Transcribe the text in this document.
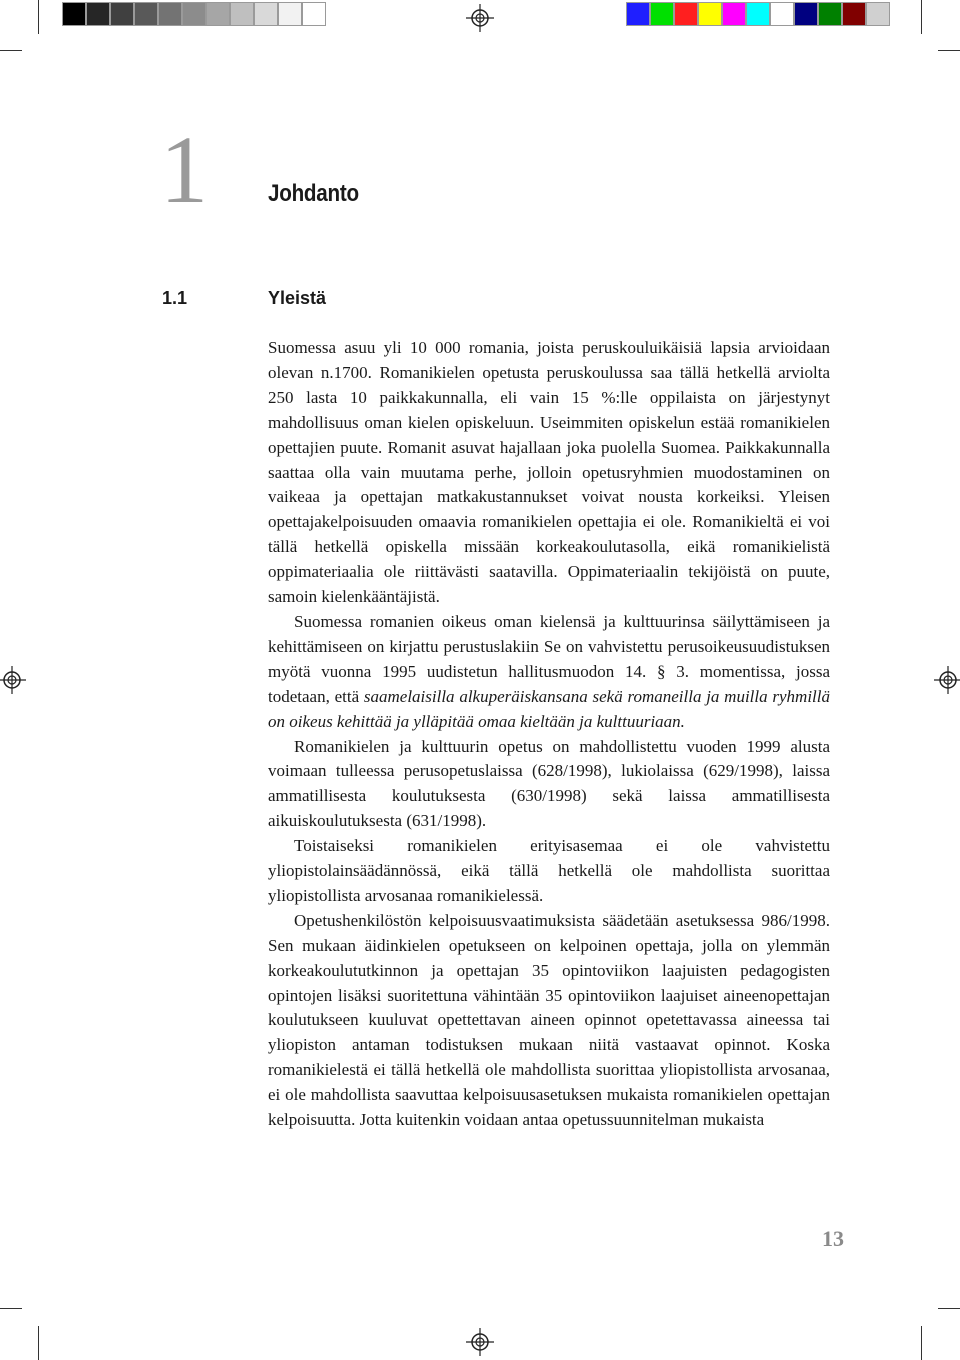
1	Johdanto
1.1	Yleistä

Suomessa asuu yli 10 000 romania, joista peruskouluikäisiä lapsia arvioidaan olevan n.1700. Romanikielen opetusta peruskoulussa saa tällä hetkellä arviolta 250 lasta 10 paikkakunnalla, eli vain 15 %:lle oppilaista on järjestynyt mahdollisuus oman kielen opiskeluun. Useimmiten opiskelun estää romanikielen opettajien puute. Romanit asuvat hajallaan joka puolella Suomea. Paikkakunnalla saattaa olla vain muutama perhe, jolloin opetusryhmien muodostaminen on vaikeaa ja opettajan matkakustannukset voivat nousta korkeiksi. Yleisen opettajakelpoisuuden omaavia romanikielen opettajia ei ole. Romanikieltä ei voi tällä hetkellä opiskella missään korkeakoulutasolla, eikä romanikielistä oppimateriaalia ole riittävästi saatavilla. Oppimateriaalin tekijöistä on puute, samoin kielenkääntäjistä.

Suomessa romanien oikeus oman kielensä ja kulttuurinsa säilyttämiseen ja kehittämiseen on kirjattu perustuslakiin Se on vahvistettu perusoikeusuudistuksen myötä vuonna 1995 uudistetun hallitusmuodon 14. § 3. momentissa, jossa todetaan, että saamelaisilla alkuperäiskansana sekä romaneilla ja muilla ryhmillä on oikeus kehittää ja ylläpitää omaa kieltään ja kulttuuriaan.

Romanikielen ja kulttuurin opetus on mahdollistettu vuoden 1999 alusta voimaan tulleessa perusopetuslaissa (628/1998), lukiolaissa (629/1998), laissa ammatillisesta koulutuksesta (630/1998) sekä laissa ammatillisesta aikuiskoulutuksesta (631/1998).

Toistaiseksi romanikielen erityisasemaa ei ole vahvistettu yliopistolainsäädännössä, eikä tällä hetkellä ole mahdollista suorittaa yliopistollista arvosanaa romanikielessä.

Opetushenkilöstön kelpoisuusvaatimuksista säädetään asetuksessa 986/1998. Sen mukaan äidinkielen opetukseen on kelpoinen opettaja, jolla on ylemmän korkeakoulututkinnon ja opettajan 35 opintoviikon laajuisten pedagogisten opintojen lisäksi suoritettuna vähintään 35 opintoviikon laajuiset aineenopettajan koulutukseen kuuluvat opettettavan aineen opinnot opetettavassa aineessa tai yliopiston antaman todistuksen mukaan niitä vastaavat opinnot. Koska romanikielestä ei tällä hetkellä ole mahdollista suorittaa yliopistollista arvosanaa, ei ole mahdollista saavuttaa kelpoisuusasetuksen mukaista romanikielen opettajan kelpoisuutta. Jotta kuitenkin voidaan antaa opetussuunnitelman mukaista

13
